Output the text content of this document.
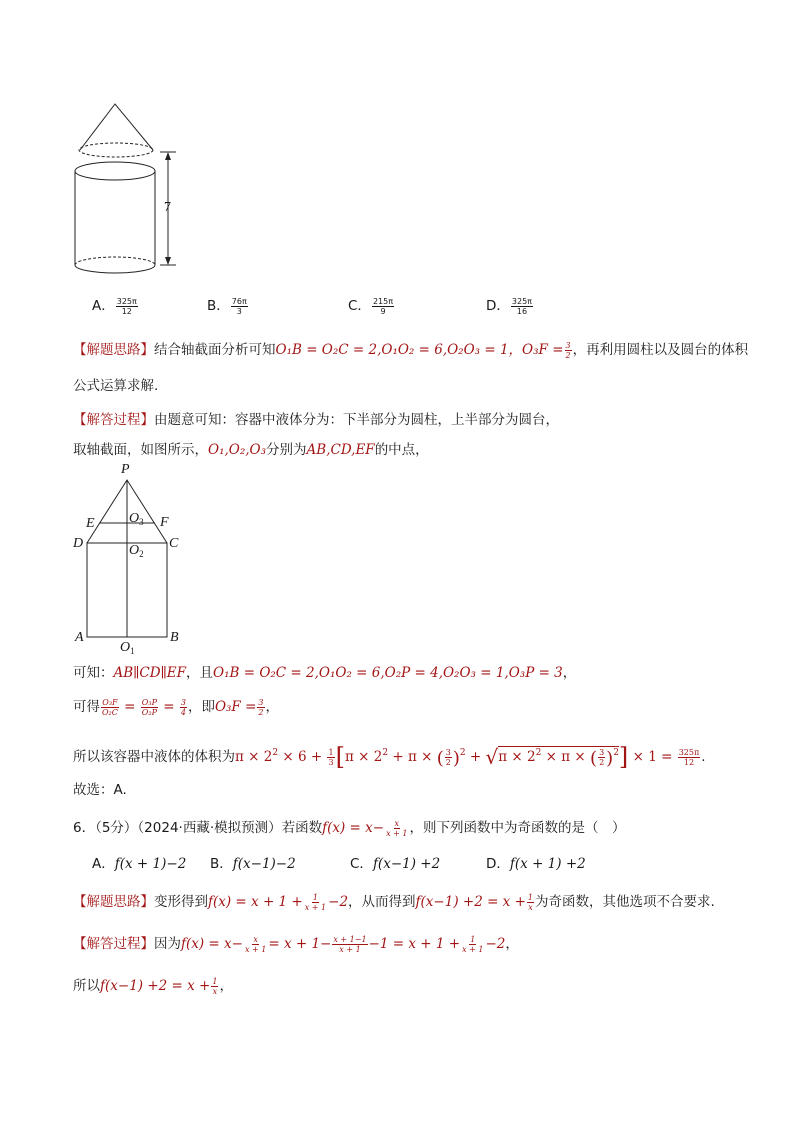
7
A． $\frac{325\pi}{12}$	B． $\frac{76\pi}{3}$	C． $\frac{215\pi}{9}$	D． $\frac{325\pi}{16}$
【解题思路】结合轴截面分析可知O₁B = O₂C = 2,O₁O₂ = 6,O₂O₃ = 1，$O_3F = \frac{3}{2}$ ，再利用圆柱以及圆台的体积
公式运算求解.
【解答过程】由题意可知：容器中液体分为：下半部分为圆柱，上半部分为圆台，
取轴截面，如图所示，O₁,O₂,O₃分别为AB,CD,EF的中点，
P
E	F
D	C
$O_3$
$O_2$
A	B
$O_1$
可知：AB∥CD∥EF，且O₁B = O₂C = 2,O₁O₂ = 6,O₂P = 4,O₂O₃ = 1,O₃P = 3，
可得 $\frac{\text{O₃F}}{\text{O₂C}} = \frac{\text{O₃P}}{\text{O₂P}} = \frac{3}{4}$ ，即$O_3F = \frac{3}{2}$ ，
所以该容器中液体的体积为$\pi \times 2^2 \times 6 + \frac{1}{3} [\pi \times 2^2 + \pi$ × ( $\frac{3}{2} )^2 + √\pi \times 2^2 \times \pi$ × ( $\frac{3}{2} )^2] \times 1 = \frac{325\pi}{12}$ .
故选：A.
6．（5分）（2024·西藏·模拟预测）若函数$f(x) = x- \frac{x}{x + 1}$ ，则下列函数中为奇函数的是（　）
A．f(x + 1)−2 B．f(x−1)−2	C．f(x−1) +2	D．f(x + 1) +2
【解题思路】变形得到$f(x) = x + 1 + \frac{1}{x + 1} -2$，从而得到$f(x-1) +2 = x + \frac{1}{x}$ 为奇函数，其他选项不合要求.
【解答过程】因为$f(x) = x- \frac{x}{x + 1} = x + 1- \frac{x + 1-1}{x + 1} -1 = x + 1 + \frac{1}{x + 1} -2$，
所以$f(x-1) +2 = x + \frac{1}{x}$ ，
